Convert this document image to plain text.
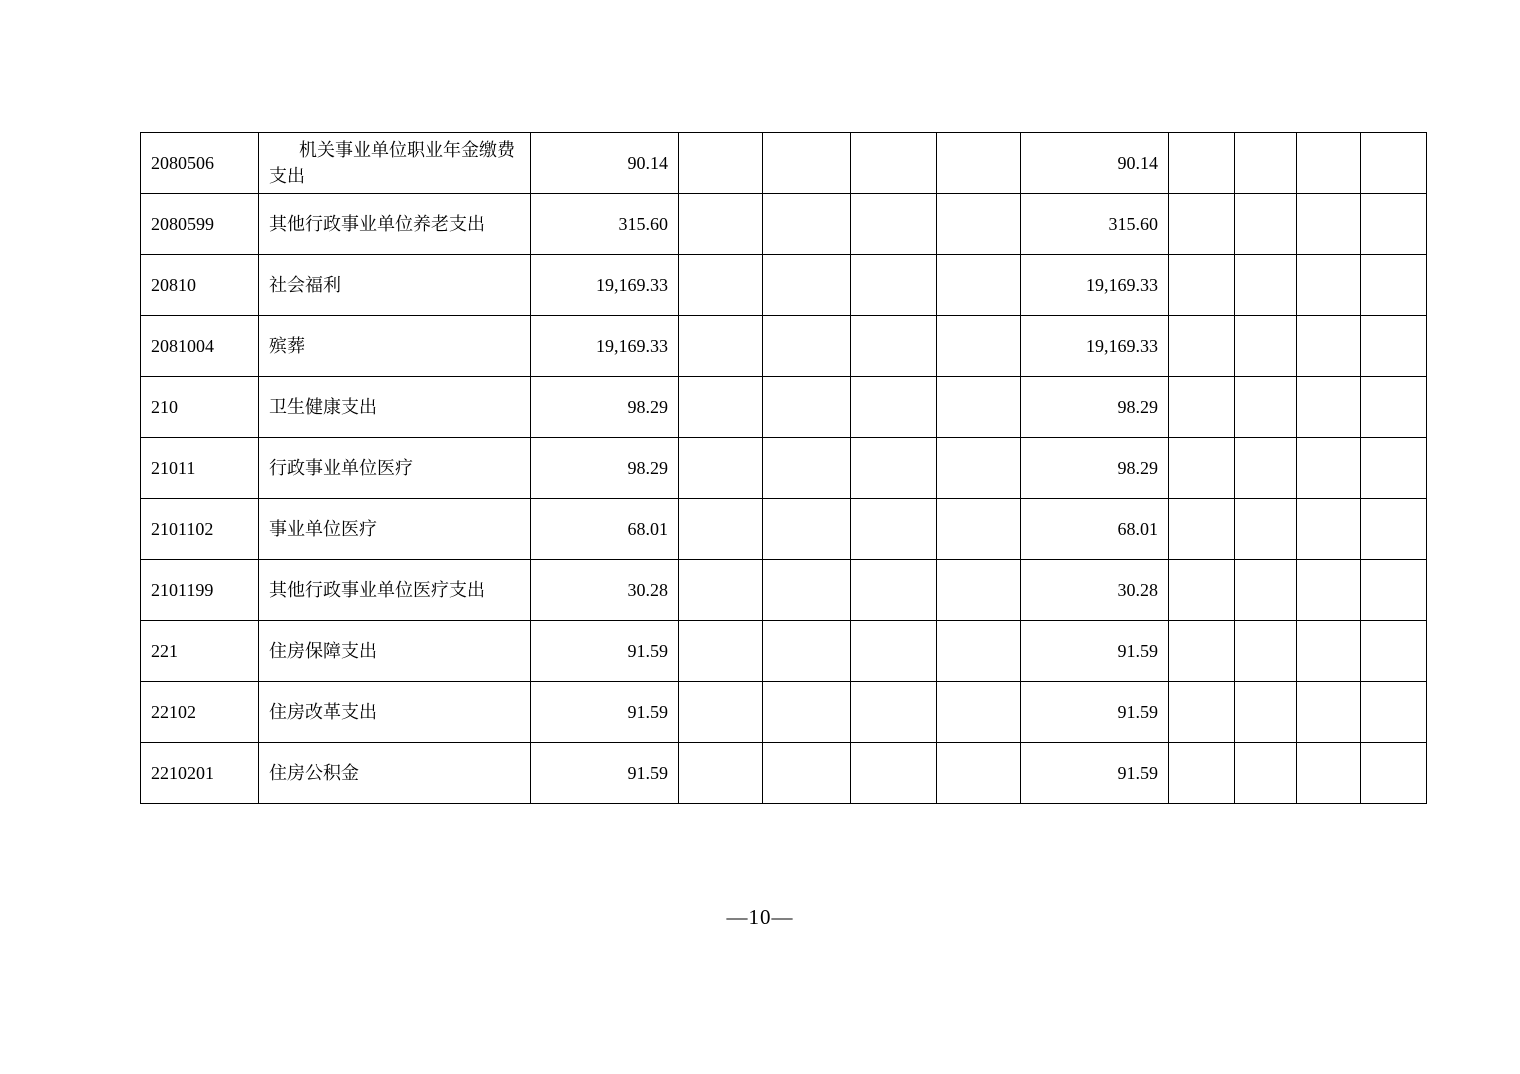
2080506	机关事业单位职业年金缴费支出	90.14					90.14				
2080599	其他行政事业单位养老支出	315.60					315.60				
20810	社会福利	19,169.33					19,169.33				
2081004	殡葬	19,169.33					19,169.33				
210	卫生健康支出	98.29					98.29				
21011	行政事业单位医疗	98.29					98.29				
2101102	事业单位医疗	68.01					68.01				
2101199	其他行政事业单位医疗支出	30.28					30.28				
221	住房保障支出	91.59					91.59				
22102	住房改革支出	91.59					91.59				
2210201	住房公积金	91.59					91.59				
—10—
